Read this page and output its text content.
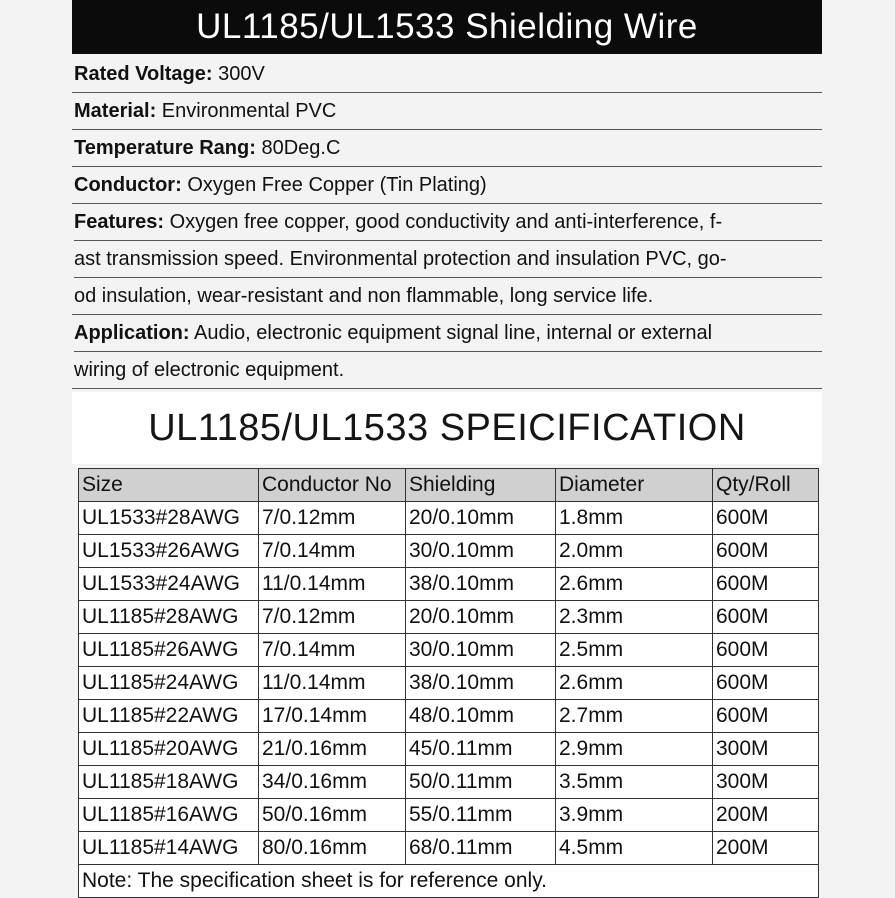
UL1185/UL1533 Shielding Wire
Rated Voltage: 300V
Material: Environmental PVC
Temperature Rang: 80Deg.C
Conductor: Oxygen Free Copper (Tin Plating)
Features: Oxygen free copper, good conductivity and anti-interference, f-
ast transmission speed. Environmental protection and insulation PVC, go-
od insulation, wear-resistant and non flammable, long service life.
Application: Audio, electronic equipment signal line, internal or external
wiring of electronic equipment.
UL1185/UL1533 SPEICIFICATION
Size	Conductor No	Shielding	Diameter	Qty/Roll
UL1533#28AWG	7/0.12mm	20/0.10mm	1.8mm	600M
UL1533#26AWG	7/0.14mm	30/0.10mm	2.0mm	600M
UL1533#24AWG	11/0.14mm	38/0.10mm	2.6mm	600M
UL1185#28AWG	7/0.12mm	20/0.10mm	2.3mm	600M
UL1185#26AWG	7/0.14mm	30/0.10mm	2.5mm	600M
UL1185#24AWG	11/0.14mm	38/0.10mm	2.6mm	600M
UL1185#22AWG	17/0.14mm	48/0.10mm	2.7mm	600M
UL1185#20AWG	21/0.16mm	45/0.11mm	2.9mm	300M
UL1185#18AWG	34/0.16mm	50/0.11mm	3.5mm	300M
UL1185#16AWG	50/0.16mm	55/0.11mm	3.9mm	200M
UL1185#14AWG	80/0.16mm	68/0.11mm	4.5mm	200M
Note: The specification sheet is for reference only.				
